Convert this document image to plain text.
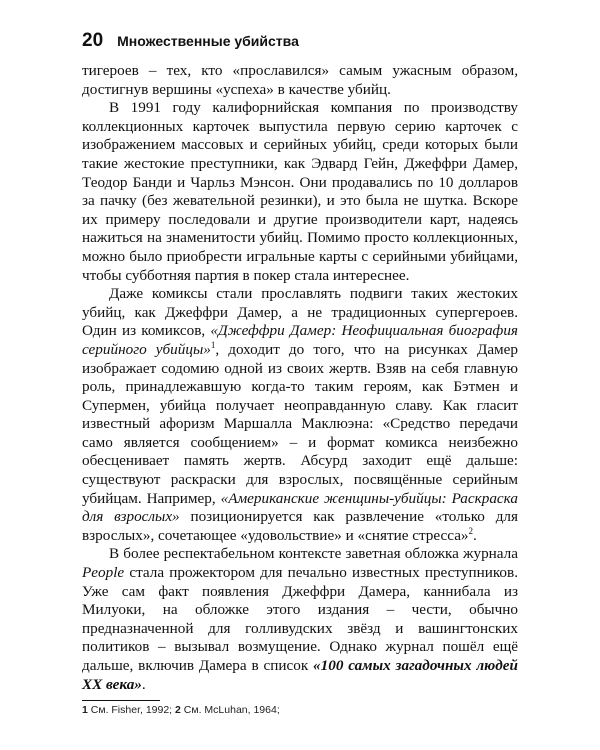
20 Множественные убийства

тигероев – тех, кто «прославился» самым ужасным образом, достигнув вершины «успеха» в качестве убийц.

В 1991 году калифорнийская компания по производству коллекционных карточек выпустила первую серию карточек с изображением массовых и серийных убийц, среди которых были такие жестокие преступники, как Эдвард Гейн, Джеффри Дамер, Теодор Банди и Чарльз Мэнсон. Они продавались по 10 долларов за пачку (без жевательной резинки), и это была не шутка. Вскоре их примеру последовали и другие производители карт, надеясь нажиться на знаменитости убийц. Помимо просто коллекционных, можно было приобрести игральные карты с серийными убийцами, чтобы субботняя партия в покер стала интереснее.

Даже комиксы стали прославлять подвиги таких жестоких убийц, как Джеффри Дамер, а не традиционных супергероев. Один из комиксов, «Джеффри Дамер: Неофициальная биография серийного убийцы»$^1$, доходит до того, что на рисунках Дамер изображает содомию одной из своих жертв. Взяв на себя главную роль, принадлежавшую когда-то таким героям, как Бэтмен и Супермен, убийца получает неоправданную славу. Как гласит известный афоризм Маршалла Маклюэна: «Средство передачи само является сообщением» – и формат комикса неизбежно обесценивает память жертв. Абсурд заходит ещё дальше: существуют раскраски для взрослых, посвящённые серийным убийцам. Например, «Американские женщины-убийцы: Раскраска для взрослых» позиционируется как развлечение «только для взрослых», сочетающее «удовольствие» и «снятие стресса»$^2$.

В более респектабельном контексте заветная обложка журнала People стала прожектором для печально известных преступников. Уже сам факт появления Джеффри Дамера, каннибала из Милуоки, на обложке этого издания – чести, обычно предназначенной для голливудских звёзд и вашингтонских политиков – вызывал возмущение. Однако журнал пошёл ещё дальше, включив Дамера в список «100 самых загадочных людей XX века».

1 См. Fisher, 1992; 2 См. McLuhan, 1964;
